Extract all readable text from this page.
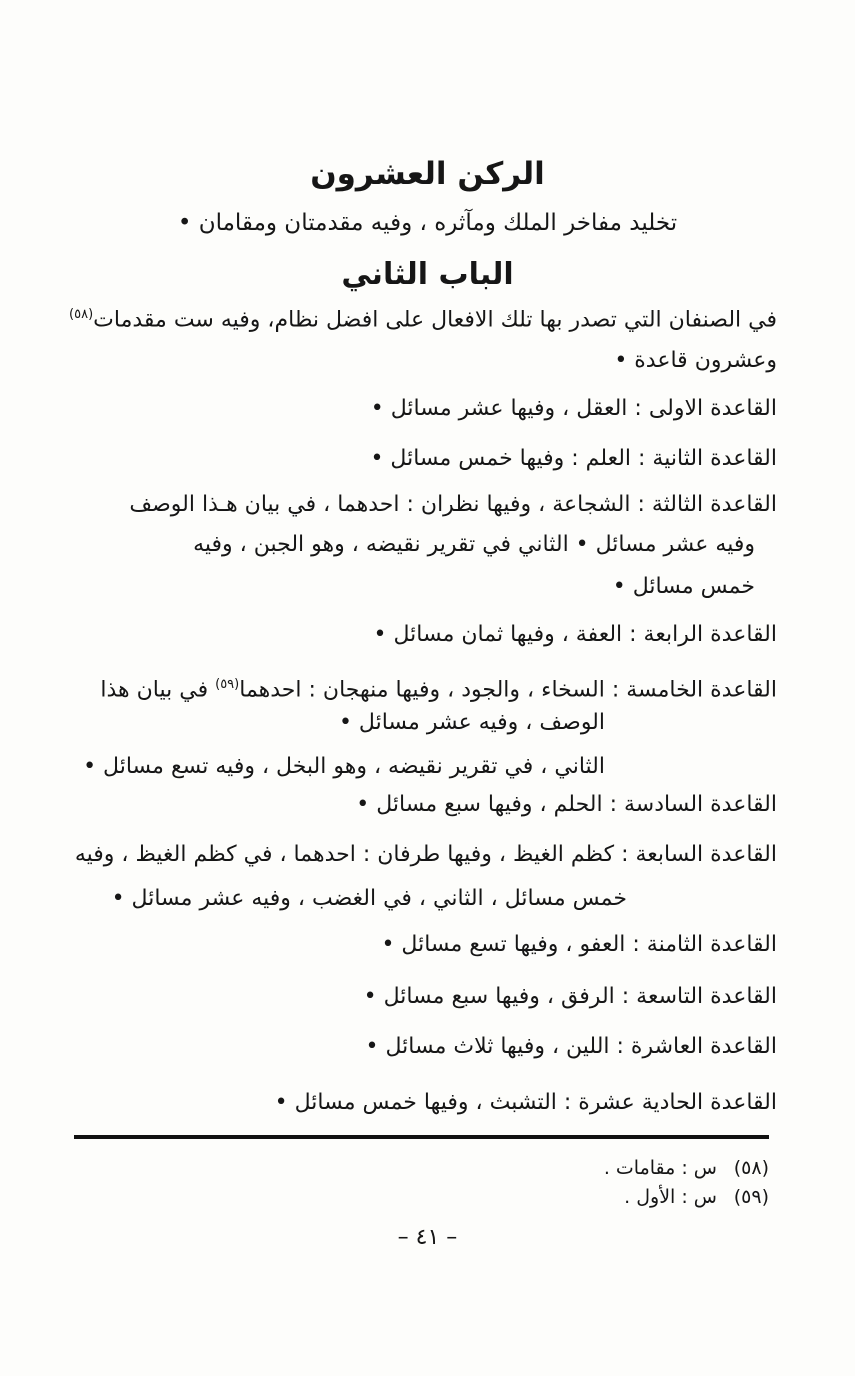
الركن العشرون
تخليد مفاخر الملك ومآثره ، وفيه مقدمتان ومقامان •
الباب الثاني
في الصنفان التي تصدر بها تلك الافعال على افضل نظام، وفيه ست مقدمات$^{(٥٨)}$
وعشرون قاعدة •
القاعدة الاولى : العقل ، وفيها عشر مسائل •
القاعدة الثانية : العلم : وفيها خمس مسائل •
القاعدة الثالثة : الشجاعة ، وفيها نظران : احدهما ، في بيان هـذا الوصف
وفيه عشر مسائل • الثاني في تقرير نقيضه ، وهو الجبن ، وفيه
خمس مسائل •
القاعدة الرابعة : العفة ، وفيها ثمان مسائل •
القاعدة الخامسة : السخاء ، والجود ، وفيها منهجان : احدهما$^{(٥٩)}$ في بيان هذا
الوصف ، وفيه عشر مسائل •
الثاني ، في تقرير نقيضه ، وهو البخل ، وفيه تسع مسائل •
القاعدة السادسة : الحلم ، وفيها سبع مسائل •
القاعدة السابعة : كظم الغيظ ، وفيها طرفان : احدهما ، في كظم الغيظ ، وفيه
خمس مسائل ، الثاني ، في الغضب ، وفيه عشر مسائل •
القاعدة الثامنة : العفو ، وفيها تسع مسائل •
القاعدة التاسعة : الرفق ، وفيها سبع مسائل •
القاعدة العاشرة : اللين ، وفيها ثلاث مسائل •
القاعدة الحادية عشرة : التشبث ، وفيها خمس مسائل •
(٥٨)س : مقامات .
(٥٩)س : الأول .
– ٤١ –
